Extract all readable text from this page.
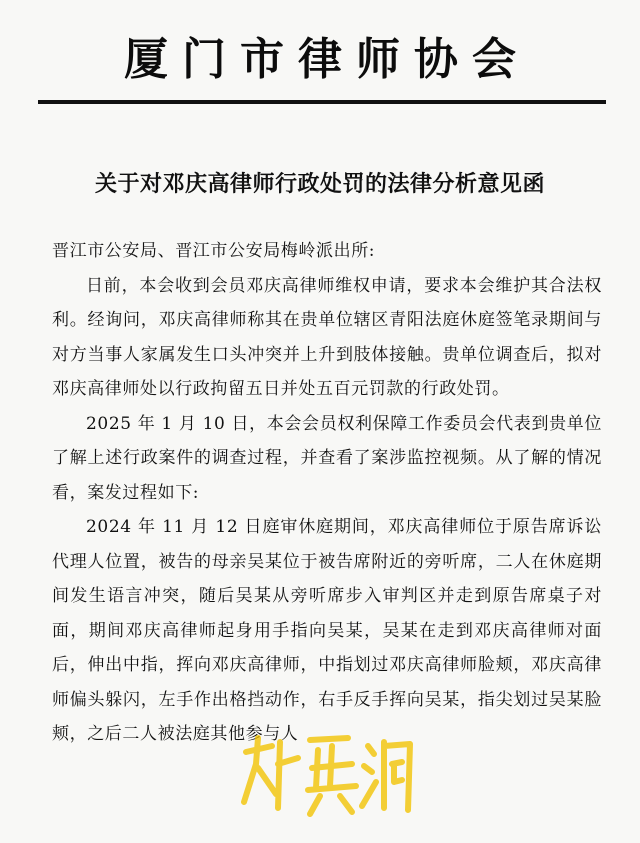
厦门市律师协会
关于对邓庆高律师行政处罚的法律分析意见函

晋江市公安局、晋江市公安局梅岭派出所:

日前，本会收到会员邓庆高律师维权申请，要求本会维护其合法权利。经询问，邓庆高律师称其在贵单位辖区青阳法庭休庭签笔录期间与对方当事人家属发生口头冲突并上升到肢体接触。贵单位调查后，拟对邓庆高律师处以行政拘留五日并处五百元罚款的行政处罚。

2025 年 1 月 10 日，本会会员权利保障工作委员会代表到贵单位了解上述行政案件的调查过程，并查看了案涉监控视频。从了解的情况看，案发过程如下:

2024 年 11 月 12 日庭审休庭期间，邓庆高律师位于原告席诉讼代理人位置，被告的母亲吴某位于被告席附近的旁听席，二人在休庭期间发生语言冲突，随后吴某从旁听席步入审判区并走到原告席桌子对面，期间邓庆高律师起身用手指向吴某，吴某在走到邓庆高律师对面后，伸出中指，挥向邓庆高律师，中指划过邓庆高律师脸颊，邓庆高律师偏头躲闪，左手作出格挡动作，右手反手挥向吴某，指尖划过吴某脸颊，之后二人被法庭其他参与人
